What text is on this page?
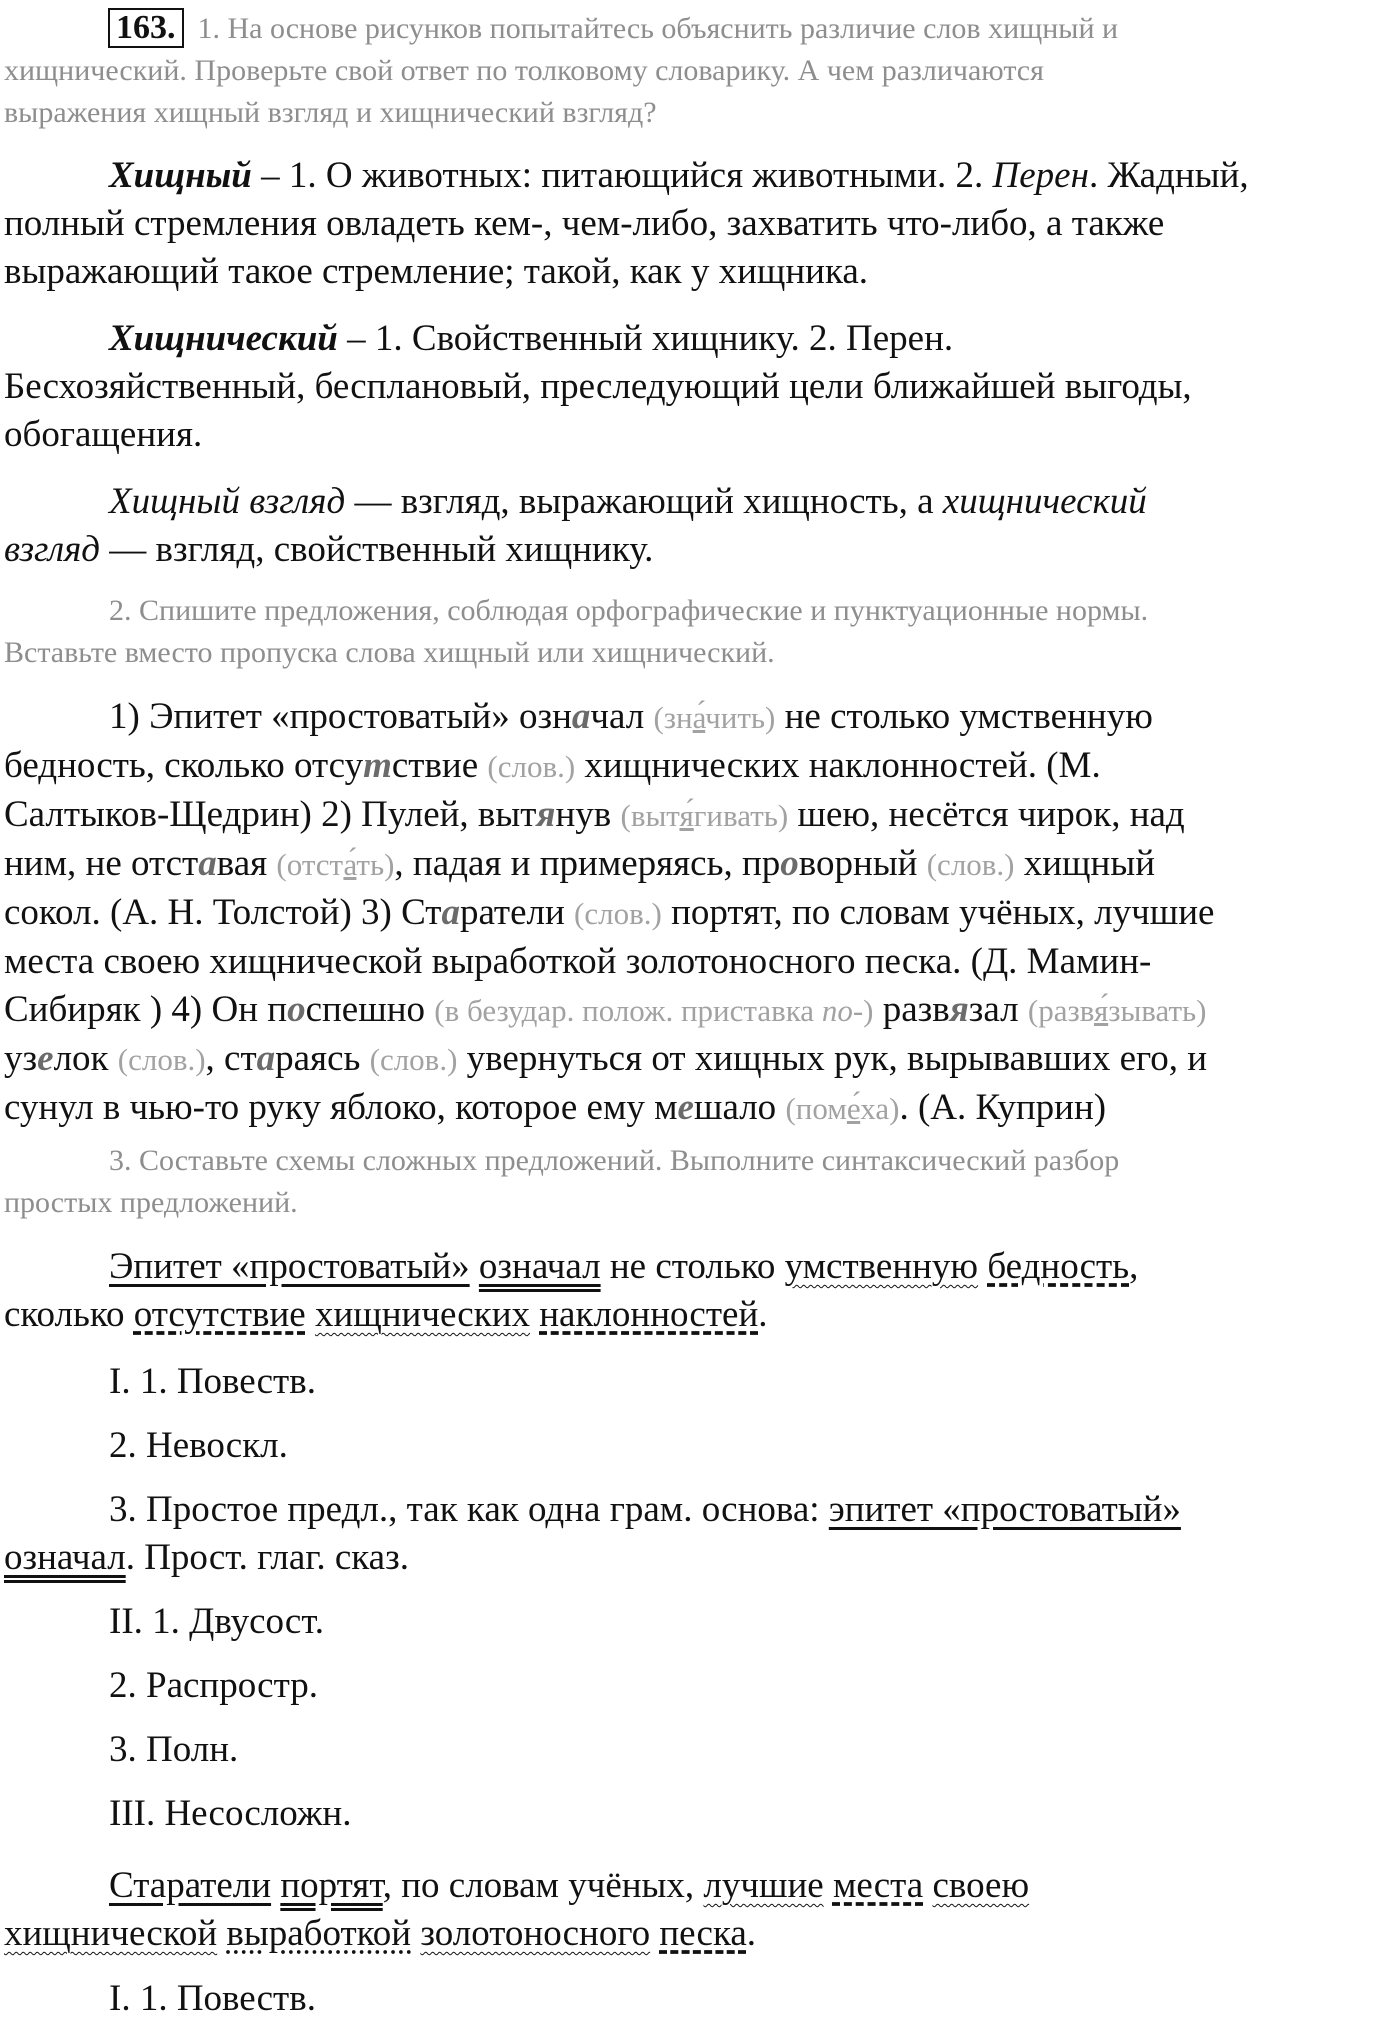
163. 1. На основе рисунков попытайтесь объяснить различие слов хищный и
хищнический. Проверьте свой ответ по толковому словарику. А чем различаются
выражения хищный взгляд и хищнический взгляд?
Хищный – 1. О животных: питающийся животными. 2. Перен. Жадный,
полный стремления овладеть кем-, чем-либо, захватить что-либо, а также
выражающий такое стремление; такой, как у хищника.
Хищнический – 1. Свойственный хищнику. 2. Перен.
Бесхозяйственный, бесплановый, преследующий цели ближайшей выгоды,
обогащения.
Хищный взгляд — взгляд, выражающий хищность, а хищнический
взгляд — взгляд, свойственный хищнику.
2. Спишите предложения, соблюдая орфографические и пунктуационные нормы.
Вставьте вместо пропуска слова хищный или хищнический.
1) Эпитет «простоватый» означал (зна́чить) не столько умственную
бедность, сколько отсутствие (слов.) хищнических наклонностей. (М.
Салтыков-Щедрин) 2) Пулей, вытянув (вытя́гивать) шею, несётся чирок, над
ним, не отставая (отста́ть), падая и примеряясь, проворный (слов.) хищный
сокол. (А. Н. Толстой) 3) Старатели (слов.) портят, по словам учёных, лучшие
места своею хищнической выработкой золотоносного песка. (Д. Мамин-
Сибиряк ) 4) Он поспешно (в безудар. полож. приставка по-) развязал (развя́зывать)
узелок (слов.), стараясь (слов.) увернуться от хищных рук, вырывавших его, и
сунул в чью-то руку яблоко, которое ему мешало (поме́ха). (А. Куприн)
3. Составьте схемы сложных предложений. Выполните синтаксический разбор
простых предложений.
Эпитет «простоватый» означал не столько умственную бедность,
сколько отсутствие хищнических наклонностей.
I. 1. Повеств.
2. Невоскл.
3. Простое предл., так как одна грам. основа: эпитет «простоватый»
означал. Прост. глаг. сказ.
II. 1. Двусост.
2. Распростр.
3. Полн.
III. Несосложн.
Старатели портят, по словам учёных, лучшие места своею
хищнической выработкой золотоносного песка.
I. 1. Повеств.
